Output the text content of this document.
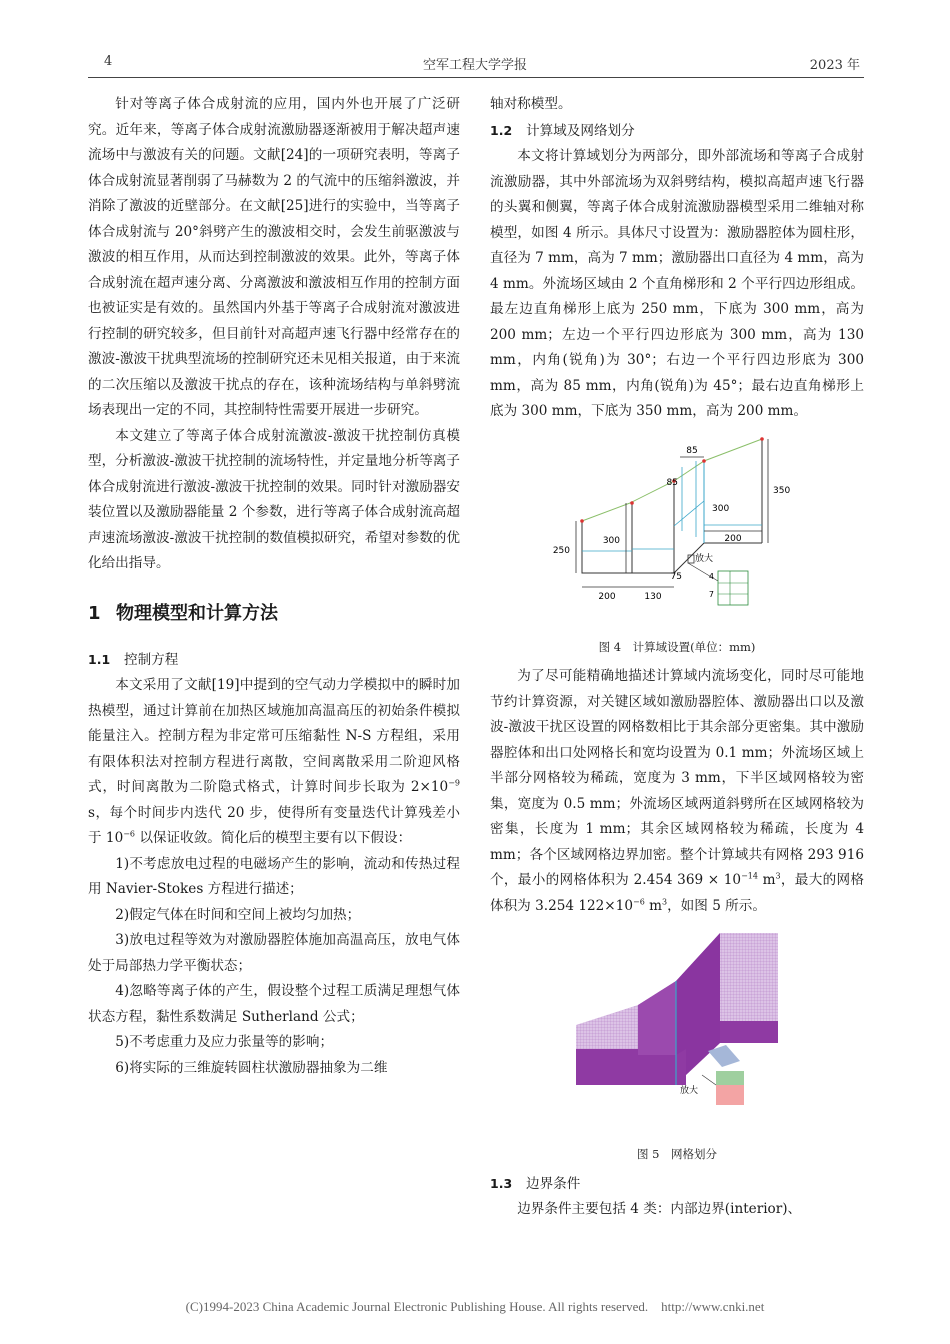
4	空军工程大学学报	2023 年

针对等离子体合成射流的应用，国内外也开展了广泛研究。近年来，等离子体合成射流激励器逐渐被用于解决超声速流场中与激波有关的问题。文献[24]的一项研究表明，等离子体合成射流显著削弱了马赫数为 2 的气流中的压缩斜激波，并消除了激波的近壁部分。在文献[25]进行的实验中，当等离子体合成射流与 20°斜劈产生的激波相交时，会发生前驱激波与激波的相互作用，从而达到控制激波的效果。此外，等离子体合成射流在超声速分离、分离激波和激波相互作用的控制方面也被证实是有效的。虽然国内外基于等离子合成射流对激波进行控制的研究较多，但目前针对高超声速飞行器中经常存在的激波-激波干扰典型流场的控制研究还未见相关报道，由于来流的二次压缩以及激波干扰点的存在，该种流场结构与单斜劈流场表现出一定的不同，其控制特性需要开展进一步研究。

本文建立了等离子体合成射流激波-激波干扰控制仿真模型，分析激波-激波干扰控制的流场特性，并定量地分析等离子体合成射流进行激波-激波干扰控制的效果。同时针对激励器安装位置以及激励器能量 2 个参数，进行等离子体合成射流高超声速流场激波-激波干扰控制的数值模拟研究，希望对参数的优化给出指导。

1 物理模型和计算方法

1.1 控制方程

本文采用了文献[19]中提到的空气动力学模拟中的瞬时加热模型，通过计算前在加热区域施加高温高压的初始条件模拟能量注入。控制方程为非定常可压缩黏性 N-S 方程组，采用有限体积法对控制方程进行离散，空间离散采用二阶迎风格式，时间离散为二阶隐式格式，计算时间步长取为 $2\times 10^{-9}$ s，每个时间步内迭代 20 步，使得所有变量迭代计算残差小于 $10^{-6}$ 以保证收敛。简化后的模型主要有以下假设：

1)不考虑放电过程的电磁场产生的影响，流动和传热过程用 Navier-Stokes 方程进行描述；

2)假定气体在时间和空间上被均匀加热；

3)放电过程等效为对激励器腔体施加高温高压，放电气体处于局部热力学平衡状态；

4)忽略等离子体的产生，假设整个过程工质满足理想气体状态方程，黏性系数满足 Sutherland 公式；

5)不考虑重力及应力张量等的影响；

6)将实际的三维旋转圆柱状激励器抽象为二维

轴对称模型。

1.2 计算域及网络划分

本文将计算域划分为两部分，即外部流场和等离子合成射流激励器，其中外部流场为双斜劈结构，模拟高超声速飞行器的头翼和侧翼，等离子体合成射流激励器模型采用二维轴对称模型，如图 4 所示。具体尺寸设置为：激励器腔体为圆柱形，直径为 7 mm，高为 7 mm；激励器出口直径为 4 mm，高为 4 mm。外流场区域由 2 个直角梯形和 2 个平行四边形组成。最左边直角梯形上底为 250 mm，下底为 300 mm，高为 200 mm；左边一个平行四边形底为 300 mm，高为 130 mm，内角(锐角)为 30°；右边一个平行四边形底为 300 mm，高为 85 mm，内角(锐角)为 45°；最右边直角梯形上底为 300 mm，下底为 350 mm，高为 200 mm。

250
200
300
130
85
85
300
350
200
75
放大
4
7
图 4　计算域设置(单位：mm)

为了尽可能精确地描述计算域内流场变化，同时尽可能地节约计算资源，对关键区域如激励器腔体、激励器出口以及激波-激波干扰区设置的网格数相比于其余部分更密集。其中激励器腔体和出口处网格长和宽均设置为 0.1 mm；外流场区域上半部分网格较为稀疏，宽度为 3 mm，下半区域网格较为密集，宽度为 0.5 mm；外流场区域两道斜劈所在区域网格较为密集，长度为 1 mm；其余区域网格较为稀疏，长度为 4 mm；各个区域网格边界加密。整个计算域共有网格 293 916 个，最小的网格体积为 2.454 $369 \times 10^{-14}$ $m^3$，最大的网格体积为 3.254 $122\times 10^{-6}$ $m^3$，如图 5 所示。

放大
图 5　网格划分

1.3 边界条件

边界条件主要包括 4 类：内部边界(interior)、

(C)1994-2023 China Academic Journal Electronic Publishing House. All rights reserved. http://www.cnki.net
